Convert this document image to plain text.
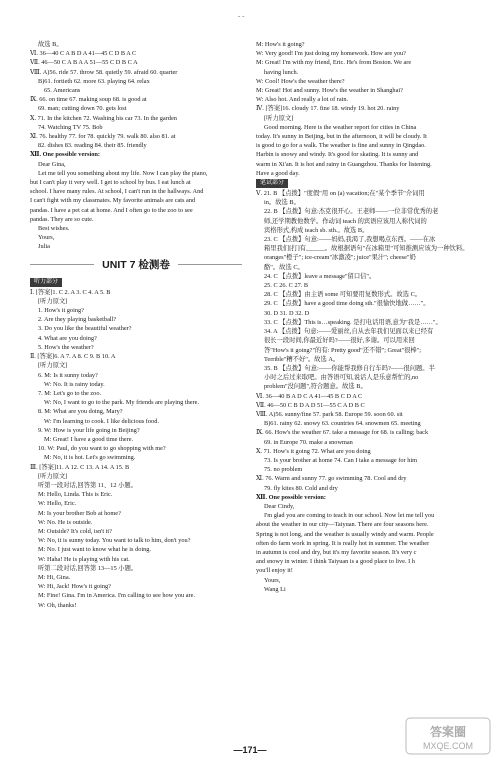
‐ ‐
故选 B。
Ⅵ. 36—40 C A B D A 41—45 C D B A C
Ⅶ. 46—50 C A B A A 51—55 C D B C A
Ⅷ. A)56. ride 57. throw 58. quietly 59. afraid 60. quarter
B)61. fortieth 62. more 63. playing 64. relax
65. Americans
Ⅸ. 66. on time 67. making soup 68. is good at
69. man; cutting down 70. gets lost
Ⅹ. 71. In the kitchen 72. Washing his car 73. In the garden
74. Watching TV 75. Bob
Ⅺ. 76. healthy 77. for 78. quickly 79. walk 80. also 81. at
82. dishes 83. reading 84. their 85. friendly
Ⅻ. One possible version:
Dear Gina,
Let me tell you something about my life. Now I can play the piano,
but I can't play it very well. I get to school by bus. I eat lunch at
school. I have many rules. At school, I can't run in the hallways. And
I can't fight with my classmates. My favorite animals are cats and
pandas. I have a pet cat at home. And I often go to the zoo to see
pandas. They are so cute.
Best wishes.
Yours,
Julia
UNIT 7 检测卷
听力部分
Ⅰ. [答案]1. C 2. A 3. C 4. A 5. B
[听力原文]
1. How's it going?
2. Are they playing basketball?
3. Do you like the beautiful weather?
4. What are you doing?
5. How's the weather?
Ⅱ. [答案]6. A 7. A 8. C 9. B 10. A
[听力原文]
6. M: Is it sunny today?
W: No. It is rainy today.
7. M: Let's go to the zoo.
W: No, I want to go to the park. My friends are playing there.
8. M: What are you doing, Mary?
W: I'm learning to cook. I like delicious food.
9. W: How is your life going in Beijing?
M: Great! I have a good time there.
10. W: Paul, do you want to go shopping with me?
M: No, it is hot. Let's go swimming.
Ⅲ. [答案]11. A 12. C 13. A 14. A 15. B
[听力原文]
听第一段对话,回答第 11、12 小题。
M: Hello, Linda. This is Eric.
W: Hello, Eric.
M: Is your brother Bob at home?
W: No. He is outside.
M: Outside? It's cold, isn't it?
W: No, it is sunny today. You want to talk to him, don't you?
M: No. I just want to know what he is doing.
W: Haha! He is playing with his cat.
听第二段对话,回答第 13—15 小题。
M: Hi, Gina.
W: Hi, Jack! How's it going?
M: Fine! Gina. I'm in America. I'm calling to see how you are.
W: Oh, thanks!
M: How's it going?
W: Very good! I'm just doing my homework. How are you?
M: Great! I'm with my friend, Eric. He's from Boston. We are
having lunch.
W: Cool! How's the weather there?
M: Great! Hot and sunny. How's the weather in Shanghai?
W: Also hot. And really a lot of rain.
Ⅳ. [答案]16. cloudy 17. fine 18. windy 19. hot 20. rainy
[听力原文]
Good morning. Here is the weather report for cities in China
today. It's sunny in Beijing, but in the afternoon, it will be cloudy. It
is good to go for a walk. The weather is fine and sunny in Qingdao.
Harbin is snowy and windy. It's good for skating. It is sunny and
warm in Xi'an. It is hot and rainy in Guangzhou. Thanks for listening.
Have a good day.
笔试部分
Ⅴ. 21. B 【点拨】"度假"用 on (a) vacation;在"某个季节"介词用
in。故选 B。
22. B 【点拨】句意:杰克很开心。王老师——一位非常优秀的老
师,还学期教他数学。作动词 teach 的宾语应该用人称代词的
宾格形式,构成 teach sb. sth.。故选 B。
23. C 【点拨】句意:——妈妈,我渴了,我想喝点东西。——在冰
箱里我们[打]有______。故根据语句"在冰箱里"可知推测应该为一种饮料。
oranges"橙子"; ice-cream"冰激凌"; juice"果汁"; cheese"奶
酪"。故选 C。
24. C 【点拨】leave a message"留口信"。
25. C 26. C 27. B
28. C 【点拨】由主语 some 可知要用复数形式。故选 C。
29. C 【点拨】have a good time doing sth."很愉快地做……"。
30. D 31. D 32. D
33. C 【点拨】This is…speaking. 是打电话用语,意为"我是……"。
34. A 【点拨】句意:——爱丽丝,自从去年我们见面以来已经有
很长一段时间,你最近好吗?——很好,多谢。可以用来回
答"How's it going?"的有: Pretty good"还不错"; Great"很棒";
Terrible"糟不好"。故选 A。
35. B 【点拨】句意:——你能帮我修自行车吗?——很问题。半
小时之后过来取吧。由答语可知,说话人是乐意帮忙的,no
problem"没问题",符合题意。故选 B。
Ⅵ. 36—40 B A D C A 41—45 B C D A C
Ⅶ. 46—50 C B D A D 51—55 C A D B C
Ⅷ. A)56. sunny/fine 57. park 58. Europe 59. soon 60. sit
B)61. rainy 62. snowy 63. countries 64. snowmen 65. meeting
Ⅸ. 66. How's the weather 67. take a message for 68. is calling; back
69. in Europe 70. make a snowman
Ⅹ. 71. How's it going 72. What are you doing
73. Is your brother at home 74. Can I take a message for him
75. no problem
Ⅺ. 76. Warm and sunny 77. go swimming 78. Cool and dry
79. fly kites 80. Cold and dry
Ⅻ. One possible version:
Dear Cindy,
I'm glad you are coming to teach in our school. Now let me tell you
about the weather in our city—Taiyuan. There are four seasons here.
Spring is not long, and the weather is usually windy and warm. People
often do farm work in spring. It is really hot in summer. The weather
in autumn is cool and dry, but it's my favorite season. It's very c
and snowy in winter. I think Taiyuan is a good place to live. I h
you'll enjoy it!
Yours,
Wang Li
—171—
答案圈
MXQE.COM
